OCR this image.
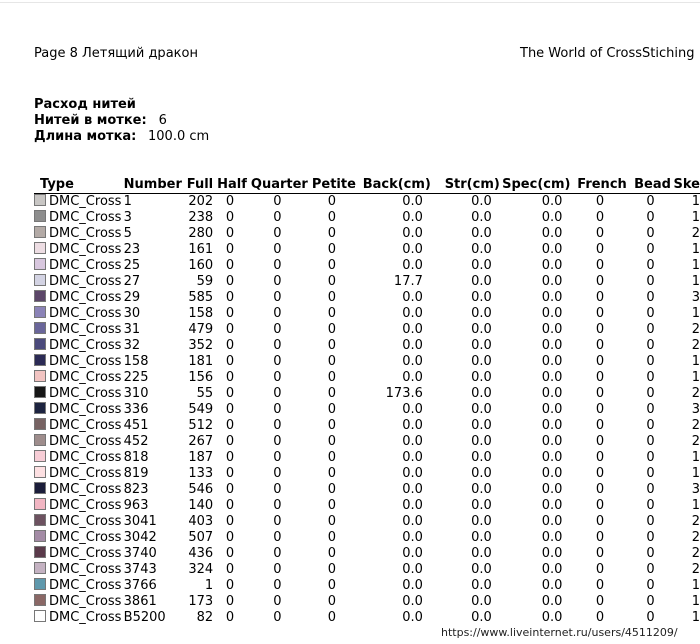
Page 8 Летящий дракон	The World of CrossStiching
Расход нитей
Нитей в мотке: 6
Длина мотка: 100.0 cm
Type	Number	Full	Half	Quarter	Petite	Back(cm)	Str(cm)	Spec(cm)	French	Bead	Ske
DMC_Cross	1	202	0	0	0	0.0	0.0	0.0	0	0	1
DMC_Cross	3	238	0	0	0	0.0	0.0	0.0	0	0	1
DMC_Cross	5	280	0	0	0	0.0	0.0	0.0	0	0	2
DMC_Cross	23	161	0	0	0	0.0	0.0	0.0	0	0	1
DMC_Cross	25	160	0	0	0	0.0	0.0	0.0	0	0	1
DMC_Cross	27	59	0	0	0	17.7	0.0	0.0	0	0	1
DMC_Cross	29	585	0	0	0	0.0	0.0	0.0	0	0	3
DMC_Cross	30	158	0	0	0	0.0	0.0	0.0	0	0	1
DMC_Cross	31	479	0	0	0	0.0	0.0	0.0	0	0	2
DMC_Cross	32	352	0	0	0	0.0	0.0	0.0	0	0	2
DMC_Cross	158	181	0	0	0	0.0	0.0	0.0	0	0	1
DMC_Cross	225	156	0	0	0	0.0	0.0	0.0	0	0	1
DMC_Cross	310	55	0	0	0	173.6	0.0	0.0	0	0	2
DMC_Cross	336	549	0	0	0	0.0	0.0	0.0	0	0	3
DMC_Cross	451	512	0	0	0	0.0	0.0	0.0	0	0	2
DMC_Cross	452	267	0	0	0	0.0	0.0	0.0	0	0	2
DMC_Cross	818	187	0	0	0	0.0	0.0	0.0	0	0	1
DMC_Cross	819	133	0	0	0	0.0	0.0	0.0	0	0	1
DMC_Cross	823	546	0	0	0	0.0	0.0	0.0	0	0	3
DMC_Cross	963	140	0	0	0	0.0	0.0	0.0	0	0	1
DMC_Cross	3041	403	0	0	0	0.0	0.0	0.0	0	0	2
DMC_Cross	3042	507	0	0	0	0.0	0.0	0.0	0	0	2
DMC_Cross	3740	436	0	0	0	0.0	0.0	0.0	0	0	2
DMC_Cross	3743	324	0	0	0	0.0	0.0	0.0	0	0	2
DMC_Cross	3766	1	0	0	0	0.0	0.0	0.0	0	0	1
DMC_Cross	3861	173	0	0	0	0.0	0.0	0.0	0	0	1
DMC_Cross	B5200	82	0	0	0	0.0	0.0	0.0	0	0	1
https://www.liveinternet.ru/users/4511209/
